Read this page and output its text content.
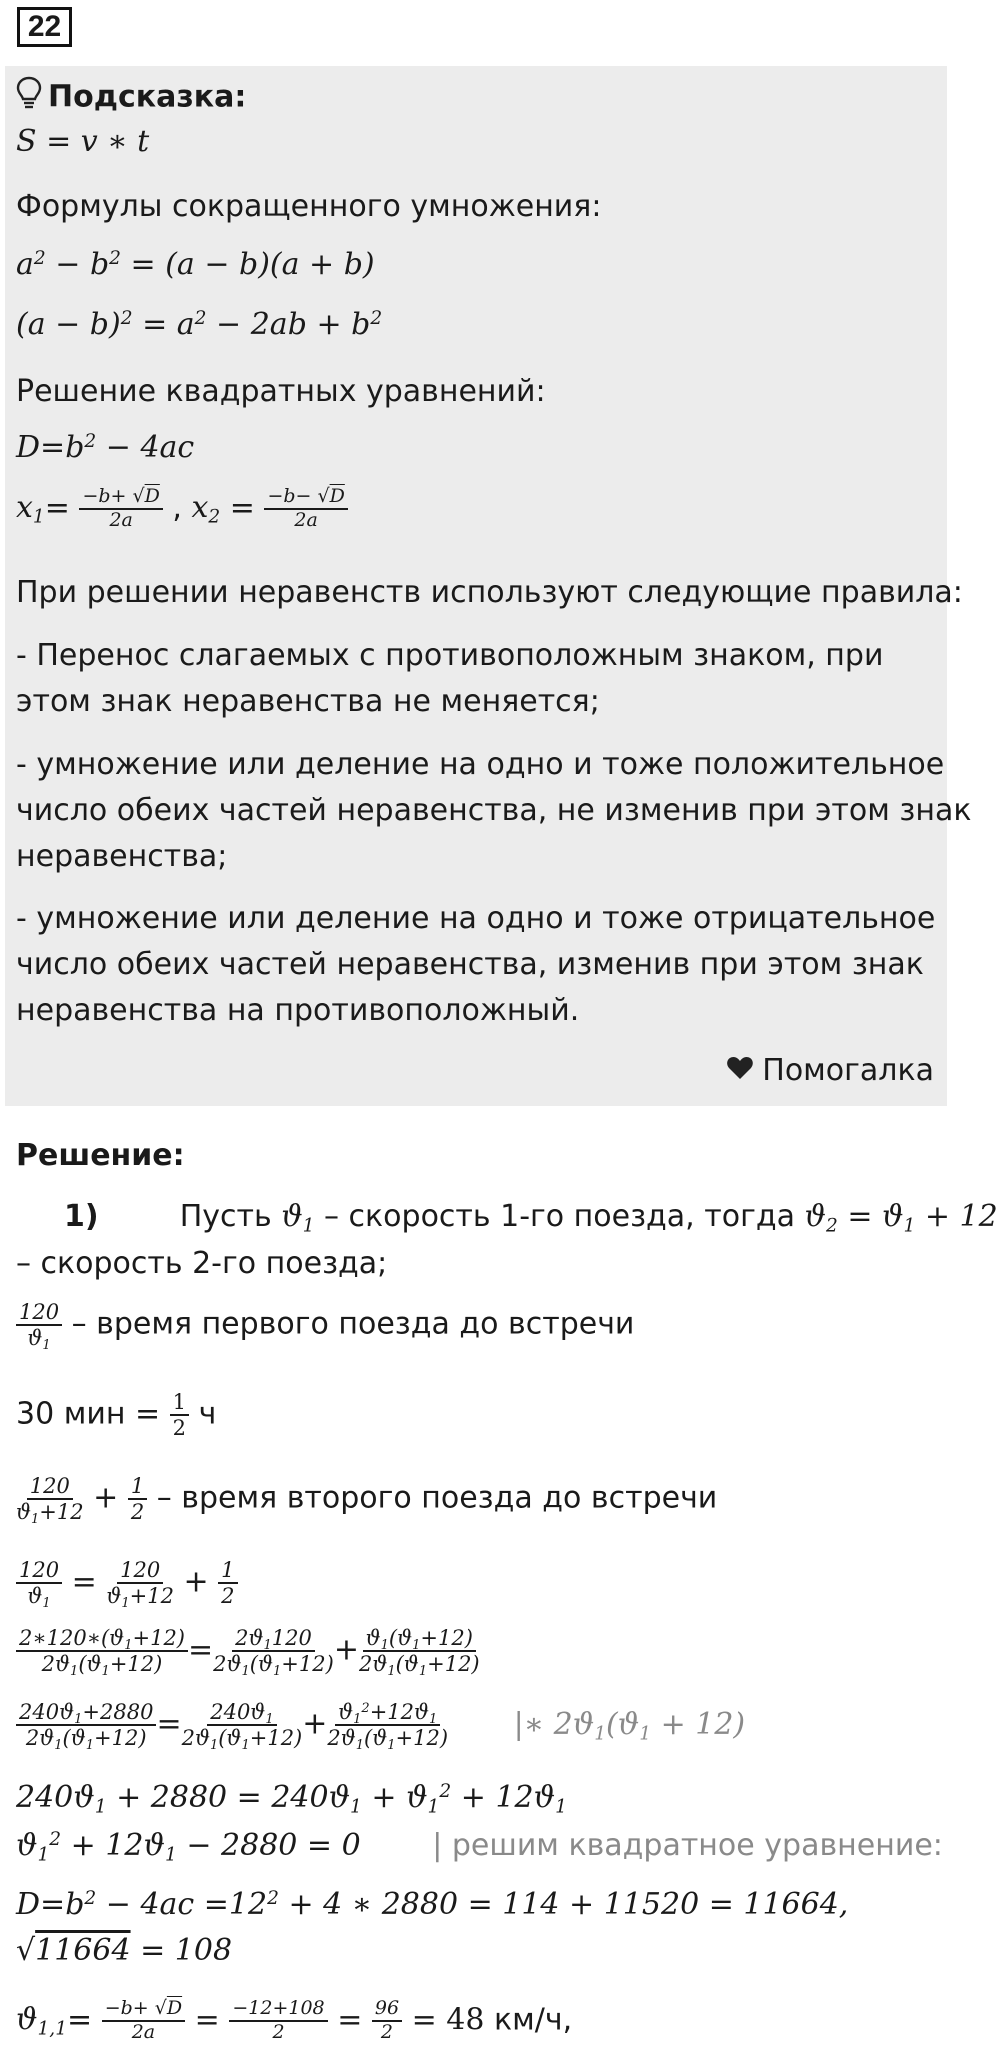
22
Подсказка:
S = v ∗ t
Формулы сокращенного умножения:
$a^2 - b^2 = (a - b)(a + b)$
$(a - b)^2 = a^2 - 2ab + b^2$
Решение квадратных уравнений:
$D=b^2 - 4ac$
$x_1= \frac{-b+ √D}{2a}$ , $x_2 = \frac{-b- √D}{2a}$
При решении неравенств используют следующие правила:
- Перенос слагаемых с противоположным знаком, при
этом знак неравенства не меняется;
- умножение или деление на одно и тоже положительное
число обеих частей неравенства, не изменив при этом знак
неравенства;
- умножение или деление на одно и тоже отрицательное
число обеих частей неравенства, изменив при этом знак
неравенства на противоположный.
Помогалка
Решение:
1)	Пусть $ϑ_1$ – скорость 1-го поезда, тогда $ϑ_2 = ϑ_1 + 12$
– скорость 2-го поезда;
$\frac{120}{ϑ_1}$ – время первого поезда до встречи
30 мин = $\frac{1}{2}$ ч
$\frac{120}{ϑ_1+12} + \frac{1}{2}$ – время второго поезда до встречи
$\frac{120}{ϑ_1} = \frac{120}{ϑ_1+12} + \frac{1}{2}$
$\frac{2∗120∗(ϑ_1+12)}{2ϑ_1(ϑ_1+12)} = \frac{2ϑ_1120}{2ϑ_1(ϑ_1+12)} + \frac{ϑ_1(ϑ_1+12)}{2ϑ_1(ϑ_1+12)}$
$\frac{240ϑ_1+2880}{2ϑ_1(ϑ_1+12)} = \frac{240ϑ_1}{2ϑ_1(ϑ_1+12)} + \frac{ϑ_1^2+12ϑ_1}{2ϑ_1(ϑ_1+12)}$ |∗ $2ϑ_1(ϑ_1 + 12)$
$240ϑ_1 + 2880 = 240ϑ_1 + ϑ_1^2 + 12ϑ_1$
$ϑ_1^2 + 12ϑ_1 - 2880 = 0$ | решим квадратное уравнение:
$D=b^2 - 4ac =12^2 + 4$ ∗ 2880 = 114 + 11520 = 11664,
√11664 = 108
$ϑ_{1,1}= \frac{-b+ √D}{2a} = \frac{-12+108}{2} = \frac{96}{2} = 48$ км/ч,
